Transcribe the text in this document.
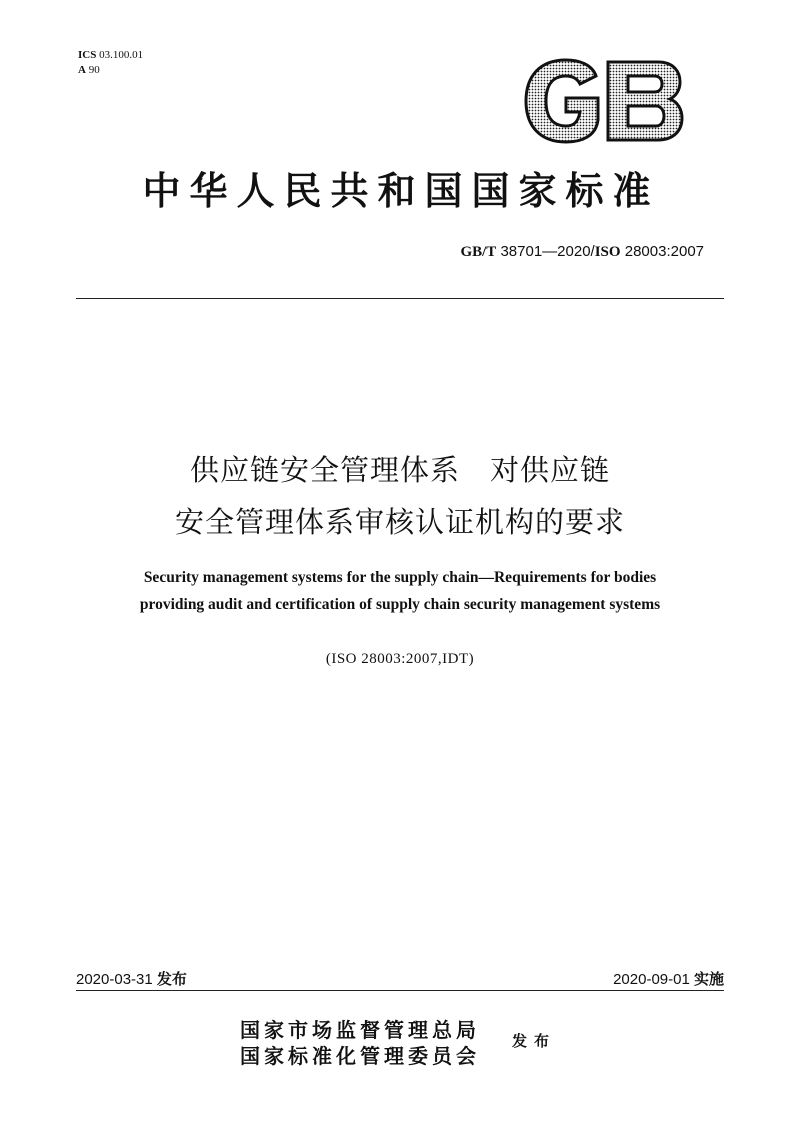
ICS 03.100.01
A 90
中华人民共和国国家标准
GB/T 38701—2020/ISO 28003:2007
供应链安全管理体系　对供应链
安全管理体系审核认证机构的要求
Security management systems for the supply chain—Requirements for bodies
providing audit and certification of supply chain security management systems
(ISO 28003:2007,IDT)
2020-03-31 发布	2020-09-01 实施
国家市场监督管理总局
国家标准化管理委员会
发布
